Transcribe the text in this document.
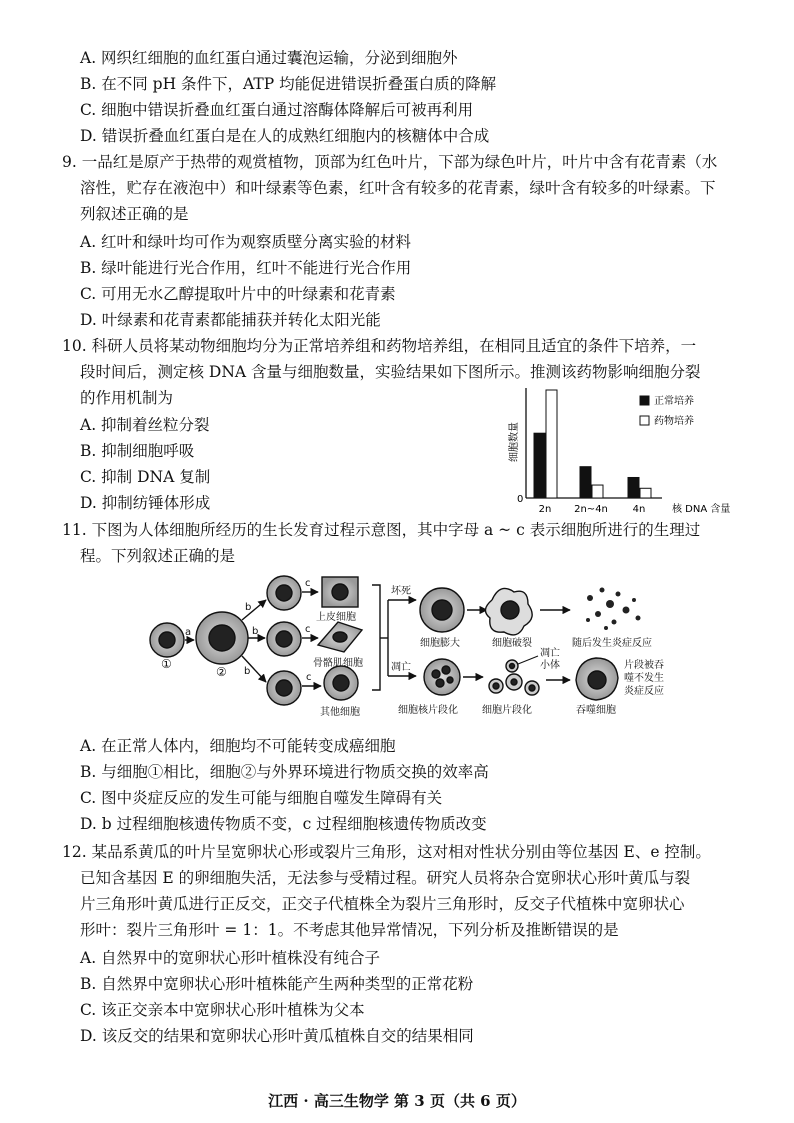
A. 网织红细胞的血红蛋白通过囊泡运输，分泌到细胞外
B. 在不同 pH 条件下，ATP 均能促进错误折叠蛋白质的降解
C. 细胞中错误折叠血红蛋白通过溶酶体降解后可被再利用
D. 错误折叠血红蛋白是在人的成熟红细胞内的核糖体中合成
9. 一品红是原产于热带的观赏植物，顶部为红色叶片，下部为绿色叶片，叶片中含有花青素（水
溶性，贮存在液泡中）和叶绿素等色素，红叶含有较多的花青素，绿叶含有较多的叶绿素。下
列叙述正确的是
A. 红叶和绿叶均可作为观察质壁分离实验的材料
B. 绿叶能进行光合作用，红叶不能进行光合作用
C. 可用无水乙醇提取叶片中的叶绿素和花青素
D. 叶绿素和花青素都能捕获并转化太阳光能
10. 科研人员将某动物细胞均分为正常培养组和药物培养组，在相同且适宜的条件下培养，一
段时间后，测定核 DNA 含量与细胞数量，实验结果如下图所示。推测该药物影响细胞分裂
的作用机制为
A. 抑制着丝粒分裂
B. 抑制细胞呼吸
C. 抑制 DNA 复制
D. 抑制纺锤体形成	0
细胞数量
核 DNA 含量
2n 2n~4n 4n
正常培养
药物培养
11. 下图为人体细胞所经历的生长发育过程示意图，其中字母 a ~ c 表示细胞所进行的生理过
程。下列叙述正确的是
①
②
a
b
b
b
c
c
c
上皮细胞
骨骼肌细胞
其他细胞
坏死
凋亡
细胞膨大	细胞破裂	随后发生炎症反应
细胞核片段化 细胞片段化
凋亡
小体
吞噬细胞
片段被吞
噬不发生
炎症反应
A. 在正常人体内，细胞均不可能转变成癌细胞
B. 与细胞①相比，细胞②与外界环境进行物质交换的效率高
C. 图中炎症反应的发生可能与细胞自噬发生障碍有关
D. b 过程细胞核遗传物质不变，c 过程细胞核遗传物质改变
12. 某品系黄瓜的叶片呈宽卵状心形或裂片三角形，这对相对性状分别由等位基因 E、e 控制。
已知含基因 E 的卵细胞失活，无法参与受精过程。研究人员将杂合宽卵状心形叶黄瓜与裂
片三角形叶黄瓜进行正反交，正交子代植株全为裂片三角形时，反交子代植株中宽卵状心
形叶：裂片三角形叶 = 1：1。不考虑其他异常情况，下列分析及推断错误的是
A. 自然界中的宽卵状心形叶植株没有纯合子
B. 自然界中宽卵状心形叶植株能产生两种类型的正常花粉
C. 该正交亲本中宽卵状心形叶植株为父本
D. 该反交的结果和宽卵状心形叶黄瓜植株自交的结果相同
江西 · 高三生物学 第 3 页（共 6 页）
